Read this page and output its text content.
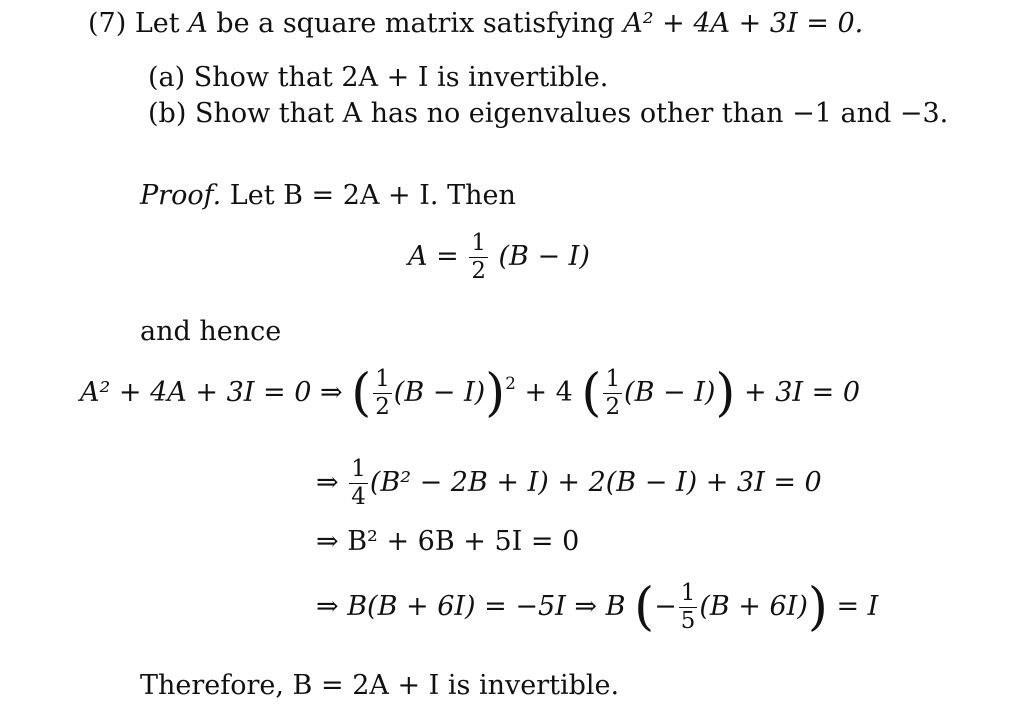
(7) Let A be a square matrix satisfying A² + 4A + 3I = 0.
(a) Show that 2A + I is invertible.
(b) Show that A has no eigenvalues other than −1 and −3.
Proof. Let B = 2A + I. Then
$A = \frac{1}{2} (B - I)$
and hence
A² + 4A + 3I = 0 ⇒ ( $\frac{1}{2} (B - I))^2 + 4$ ( $\frac{1}{2} (B - I)) + 3I = 0$
⇒ $\frac{1}{4} (B^2 - 2B + I) + 2(B - I) + 3I = 0$
⇒ B² + 6B + 5I = 0
⇒ B(B + 6I) = −5I ⇒ B (− $\frac{1}{5} (B + 6I)) = I$
Therefore, B = 2A + I is invertible.
